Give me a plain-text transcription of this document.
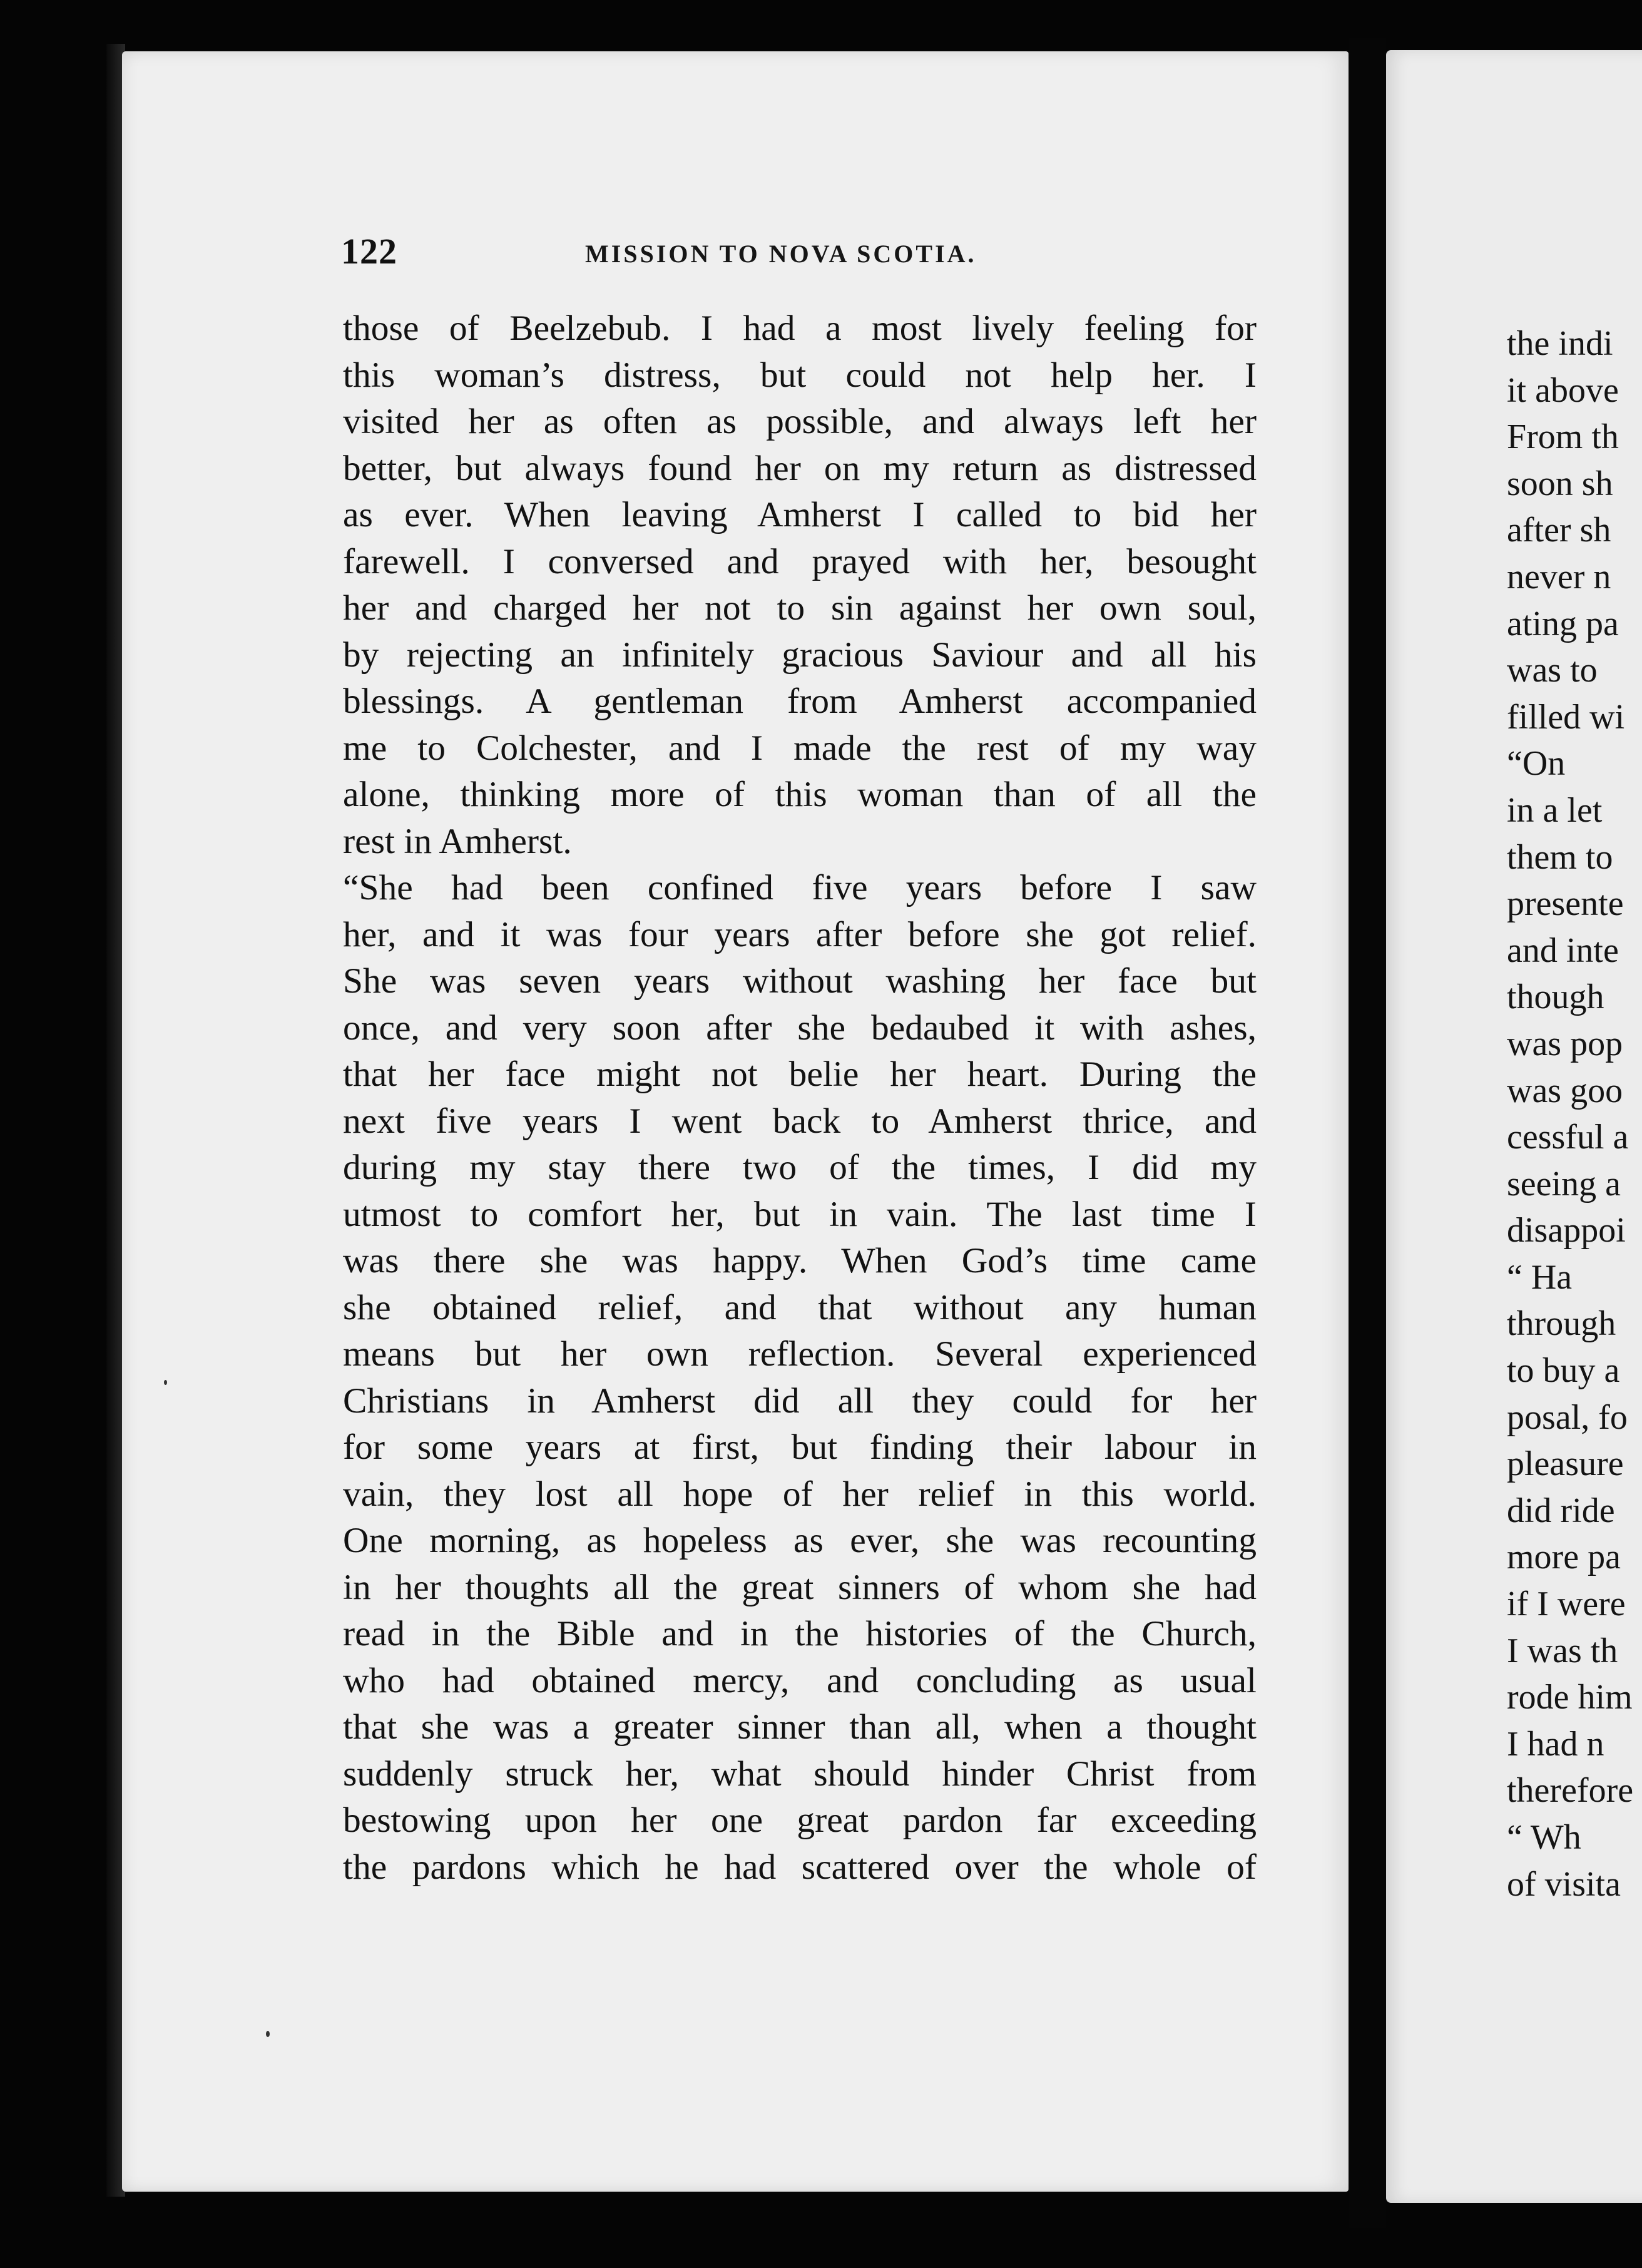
122	MISSION TO NOVA SCOTIA.
those of Beelzebub. I had a most lively feeling for
this woman’s distress, but could not help her. I
visited her as often as possible, and always left her
better, but always found her on my return as distressed
as ever. When leaving Amherst I called to bid her
farewell. I conversed and prayed with her, besought
her and charged her not to sin against her own soul,
by rejecting an infinitely gracious Saviour and all his
blessings. A gentleman from Amherst accompanied
me to Colchester, and I made the rest of my way
alone, thinking more of this woman than of all the
rest in Amherst.
“She had been confined five years before I saw
her, and it was four years after before she got relief.
She was seven years without washing her face but
once, and very soon after she bedaubed it with ashes,
that her face might not belie her heart. During the
next five years I went back to Amherst thrice, and
during my stay there two of the times, I did my
utmost to comfort her, but in vain. The last time I
was there she was happy. When God’s time came
she obtained relief, and that without any human
means but her own reflection. Several experienced
Christians in Amherst did all they could for her
for some years at first, but finding their labour in
vain, they lost all hope of her relief in this world.
One morning, as hopeless as ever, she was recounting
in her thoughts all the great sinners of whom she had
read in the Bible and in the histories of the Church,
who had obtained mercy, and concluding as usual
that she was a greater sinner than all, when a thought
suddenly struck her, what should hinder Christ from
bestowing upon her one great pardon far exceeding
the pardons which he had scattered over the whole of
the indi
it above
From th
soon sh
after sh
never n
ating pa
was to
filled wi
“On
in a let
them to
presente
and inte
though
was pop
was goo
cessful a
seeing a
disappoi
“ Ha
through
to buy a
posal, fo
pleasure
did ride
more pa
if I were
I was th
rode him
I had n
therefore
“ Wh
of visita
